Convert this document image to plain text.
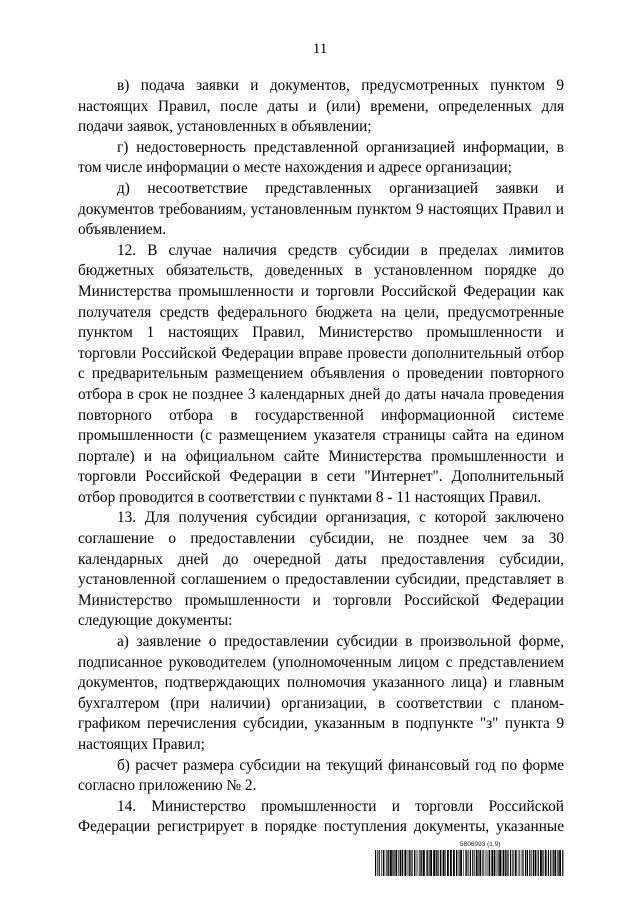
11

в) подача заявки и документов, предусмотренных пунктом 9 настоящих Правил, после даты и (или) времени, определенных для подачи заявок, установленных в объявлении;

г) недостоверность представленной организацией информации, в том числе информации о месте нахождения и адресе организации;

д) несоответствие представленных организацией заявки и документов требованиям, установленным пунктом 9 настоящих Правил и объявлением.

12. В случае наличия средств субсидии в пределах лимитов бюджетных обязательств, доведенных в установленном порядке до Министерства промышленности и торговли Российской Федерации как получателя средств федерального бюджета на цели, предусмотренные пунктом 1 настоящих Правил, Министерство промышленности и торговли Российской Федерации вправе провести дополнительный отбор с предварительным размещением объявления о проведении повторного отбора в срок не позднее 3 календарных дней до даты начала проведения повторного отбора в государственной информационной системе промышленности (с размещением указателя страницы сайта на едином портале) и на официальном сайте Министерства промышленности и торговли Российской Федерации в сети "Интернет". Дополнительный отбор проводится в соответствии с пунктами 8 - 11 настоящих Правил.

13. Для получения субсидии организация, с которой заключено соглашение о предоставлении субсидии, не позднее чем за 30 календарных дней до очередной даты предоставления субсидии, установленной соглашением о предоставлении субсидии, представляет в Министерство промышленности и торговли Российской Федерации следующие документы:

а) заявление о предоставлении субсидии в произвольной форме, подписанное руководителем (уполномоченным лицом с представлением документов, подтверждающих полномочия указанного лица) и главным бухгалтером (при наличии) организации, в соответствии с планом-графиком перечисления субсидии, указанным в подпункте "з" пункта 9 настоящих Правил;

б) расчет размера субсидии на текущий финансовый год по форме согласно приложению № 2.

14. Министерство промышленности и торговли Российской Федерации регистрирует в порядке поступления документы, указанные

5806993 (1.9)
